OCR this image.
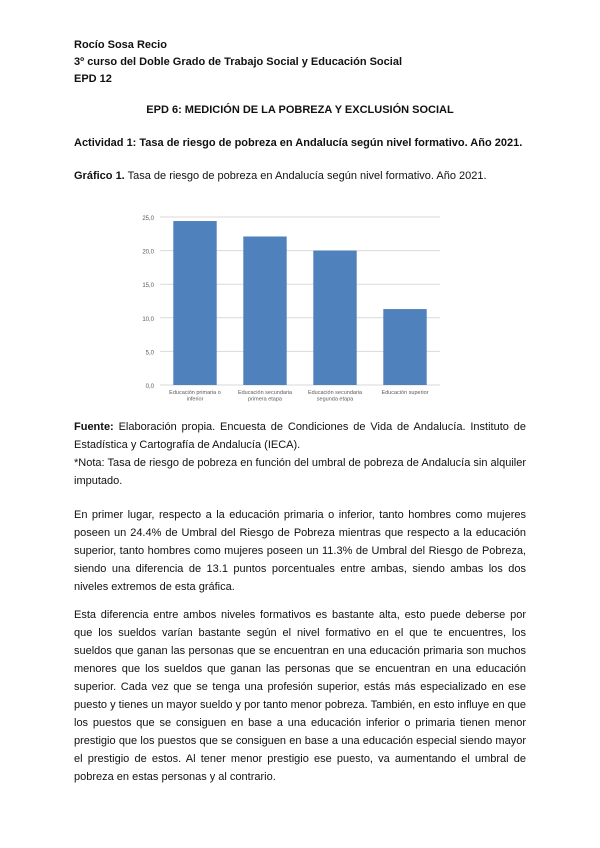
Rocío Sosa Recio
3º curso del Doble Grado de Trabajo Social y Educación Social
EPD 12
EPD 6: MEDICIÓN DE LA POBREZA Y EXCLUSIÓN SOCIAL
Actividad 1: Tasa de riesgo de pobreza en Andalucía según nivel formativo. Año 2021.
Gráfico 1. Tasa de riesgo de pobreza en Andalucía según nivel formativo. Año 2021.
0,0
5,0
10,0
15,0
20,0
25,0
Educación primaria o inferior
Educación secundaria primera etapa
Educación secundaria segunda etapa
Educación superior
Fuente: Elaboración propia. Encuesta de Condiciones de Vida de Andalucía. Instituto de Estadística y Cartografía de Andalucía (IECA).
*Nota: Tasa de riesgo de pobreza en función del umbral de pobreza de Andalucía sin alquiler imputado.
En primer lugar, respecto a la educación primaria o inferior, tanto hombres como mujeres poseen un 24.4% de Umbral del Riesgo de Pobreza mientras que respecto a la educación superior, tanto hombres como mujeres poseen un 11.3% de Umbral del Riesgo de Pobreza, siendo una diferencia de 13.1 puntos porcentuales entre ambas, siendo ambas los dos niveles extremos de esta gráfica.
Esta diferencia entre ambos niveles formativos es bastante alta, esto puede deberse por que los sueldos varían bastante según el nivel formativo en el que te encuentres, los sueldos que ganan las personas que se encuentran en una educación primaria son muchos menores que los sueldos que ganan las personas que se encuentran en una educación superior. Cada vez que se tenga una profesión superior, estás más especializado en ese puesto y tienes un mayor sueldo y por tanto menor pobreza. También, en esto influye en que los puestos que se consiguen en base a una educación inferior o primaria tienen menor prestigio que los puestos que se consiguen en base a una educación especial siendo mayor el prestigio de estos. Al tener menor prestigio ese puesto, va aumentando el umbral de pobreza en estas personas y al contrario.
